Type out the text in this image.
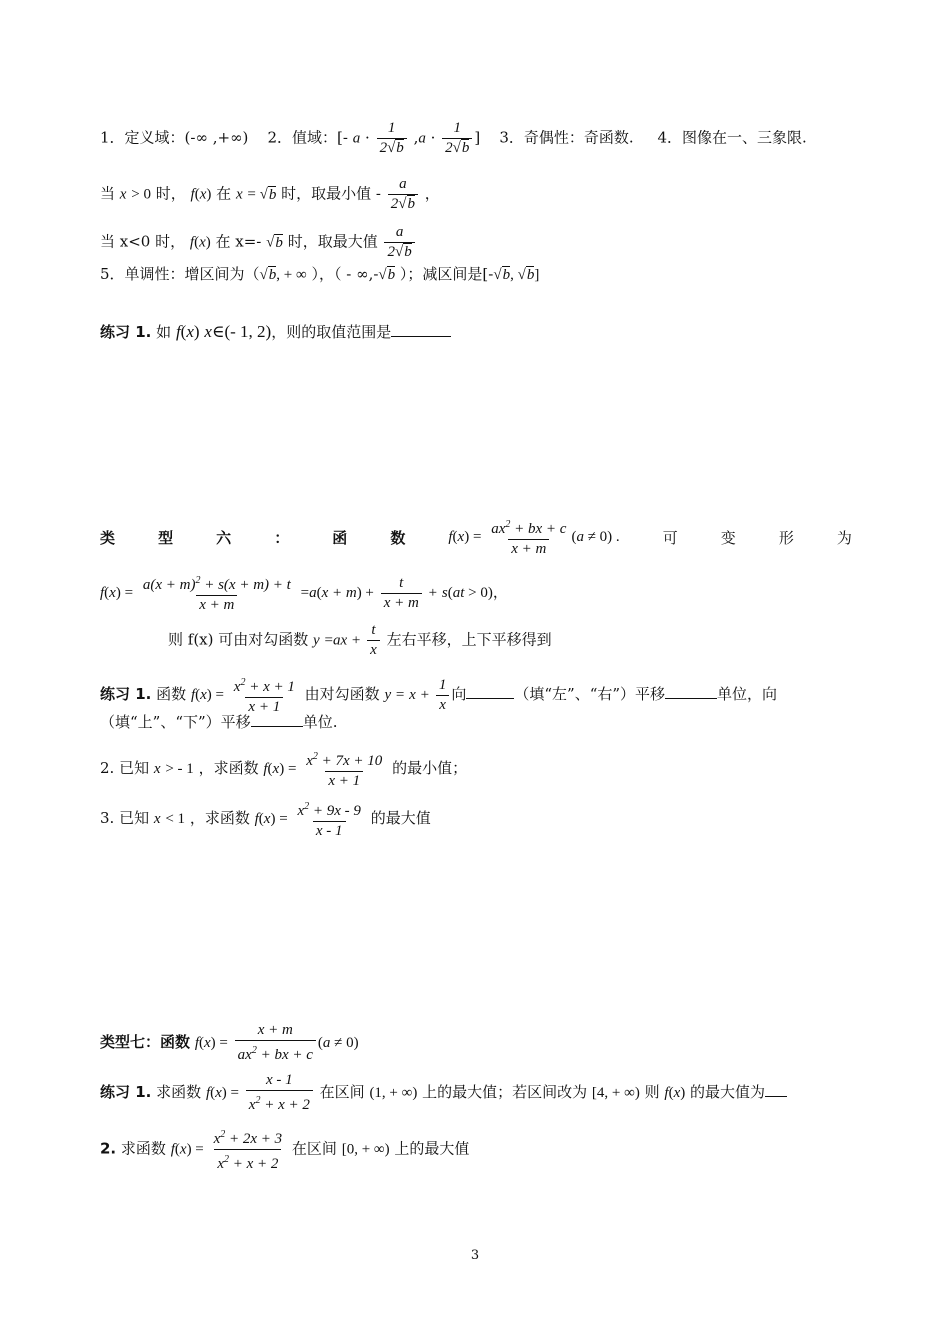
1．定义域：(-∞ ,+∞) 2．值域：[- $a \cdot \frac{1}{2√b} ,a \cdot \frac{1}{2√b}$ ]    3．奇偶性：奇函数. 4．图像在一、三象限.
当 x > 0 时， f(x) 在 x = √b 时，取最小值 - $\frac{a}{2√b}$ ，
当 x<0 时， f(x) 在 x=- √b 时，取最大值 $\frac{a}{2√b}$
5．单调性：增区间为（√b, + ∞ ），（ - ∞,-√b ）；减区间是[-√b, √b]
练习 1. 如 f(x) x∈(- 1, 2)，则的取值范围是
类	型	六	：	函	数	$f(x) = \frac{ax^2 + bx + c}{x + m} (a \ne 0)$ .	可	变	形	为
$f(x) = \frac{a(x + m)^2 + s(x + m) + t}{x + m} =a(x + m) + \frac{t}{x + m} + s(at > 0)$，
则 f(x) 可由对勾函数 $y =ax + \frac{t}{x}$ 左右平移，上下平移得到
练习 1. 函数 $f(x) = \frac{x^2 + x + 1}{x + 1}$ 由对勾函数 $y = x + \frac{1}{x}$ 向	（填“左”、“右”）平移	单位，向
（填“上”、“下”）平移	单位.
2. 已知 x > - 1 ，求函数 $f(x) = \frac{x^2 + 7x + 10}{x + 1}$ 的最小值；
3. 已知 x < 1 ，求函数 $f(x) = \frac{x^2 + 9x - 9}{x - 1}$ 的最大值
类型七：函数 $f(x) = \frac{x + m}{ax^2 + bx + c} (a \ne 0)$
练习 1. 求函数 $f(x) = \frac{x - 1}{x^2 + x + 2}$ 在区间 (1, + ∞) 上的最大值；若区间改为 [4, + ∞) 则 f(x) 的最大值为
2. 求函数 $f(x) = \frac{x^2 + 2x + 3}{x^2 + x + 2}$ 在区间 [0, + ∞) 上的最大值
3
